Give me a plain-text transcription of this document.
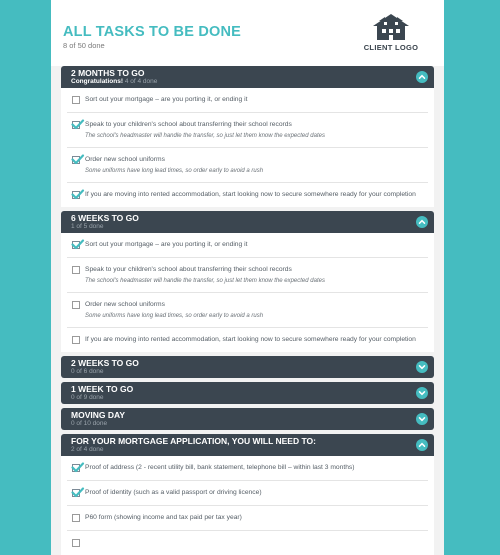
ALL TASKS TO BE DONE
8 of 50 done	CLIENT LOGO
2 MONTHS TO GO
Congratulations! 4 of 4 done
Sort out your mortgage – are you porting it, or ending it
Speak to your children's school about transferring their school records
The school's headmaster will handle the transfer, so just let them know the expected dates
Order new school uniforms
Some uniforms have long lead times, so order early to avoid a rush
If you are moving into rented accommodation, start looking now to secure somewhere ready for your completion
6 WEEKS TO GO
1 of 5 done
Sort out your mortgage – are you porting it, or ending it
Speak to your children's school about transferring their school records
The school's headmaster will handle the transfer, so just let them know the expected dates
Order new school uniforms
Some uniforms have long lead times, so order early to avoid a rush
If you are moving into rented accommodation, start looking now to secure somewhere ready for your completion
2 WEEKS TO GO
0 of 6 done
1 WEEK TO GO
0 of 9 done
MOVING DAY
0 of 10 done
FOR YOUR MORTGAGE APPLICATION, YOU WILL NEED TO:
2 of 4 done
Proof of address (2 - recent utility bill, bank statement, telephone bill – within last 3 months)
Proof of identity (such as a valid passport or driving licence)
P60 form (showing income and tax paid per tax year)
